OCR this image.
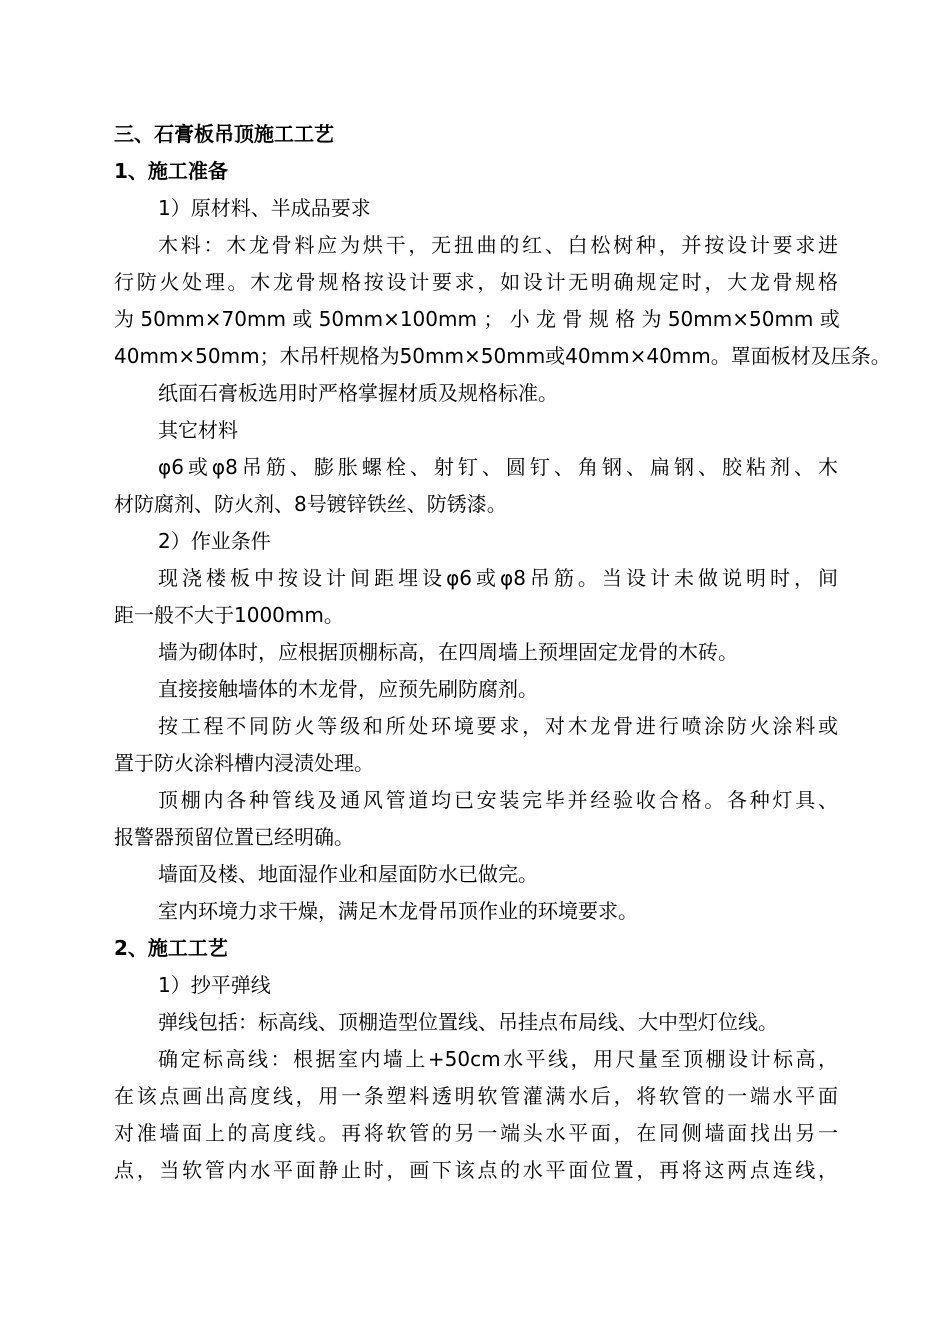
三、石膏板吊顶施工工艺
1、施工准备
1）原材料、半成品要求
木料：木龙骨料应为烘干，无扭曲的红、白松树种，并按设计要求进
行防火处理。木龙骨规格按设计要求，如设计无明确规定时，大龙骨规格
为 50mm×70mm 或 50mm×100mm ； 小 龙 骨 规 格 为 50mm×50mm 或
40mm×50mm；木吊杆规格为50mm×50mm或40mm×40mm。罩面板材及压条。
纸面石膏板选用时严格掌握材质及规格标准。
其它材料
φ6或φ8吊筋、膨胀螺栓、射钉、圆钉、角钢、扁钢、胶粘剂、木
材防腐剂、防火剂、8号镀锌铁丝、防锈漆。
2）作业条件
现浇楼板中按设计间距埋设φ6或φ8吊筋。当设计未做说明时，间
距一般不大于1000mm。
墙为砌体时，应根据顶棚标高，在四周墙上预埋固定龙骨的木砖。
直接接触墙体的木龙骨，应预先刷防腐剂。
按工程不同防火等级和所处环境要求，对木龙骨进行喷涂防火涂料或
置于防火涂料槽内浸渍处理。
顶棚内各种管线及通风管道均已安装完毕并经验收合格。各种灯具、
报警器预留位置已经明确。
墙面及楼、地面湿作业和屋面防水已做完。
室内环境力求干燥，满足木龙骨吊顶作业的环境要求。
2、施工工艺
1）抄平弹线
弹线包括：标高线、顶棚造型位置线、吊挂点布局线、大中型灯位线。
确定标高线：根据室内墙上+50cm水平线，用尺量至顶棚设计标高，
在该点画出高度线，用一条塑料透明软管灌满水后，将软管的一端水平面
对准墙面上的高度线。再将软管的另一端头水平面，在同侧墙面找出另一
点，当软管内水平面静止时，画下该点的水平面位置，再将这两点连线，
